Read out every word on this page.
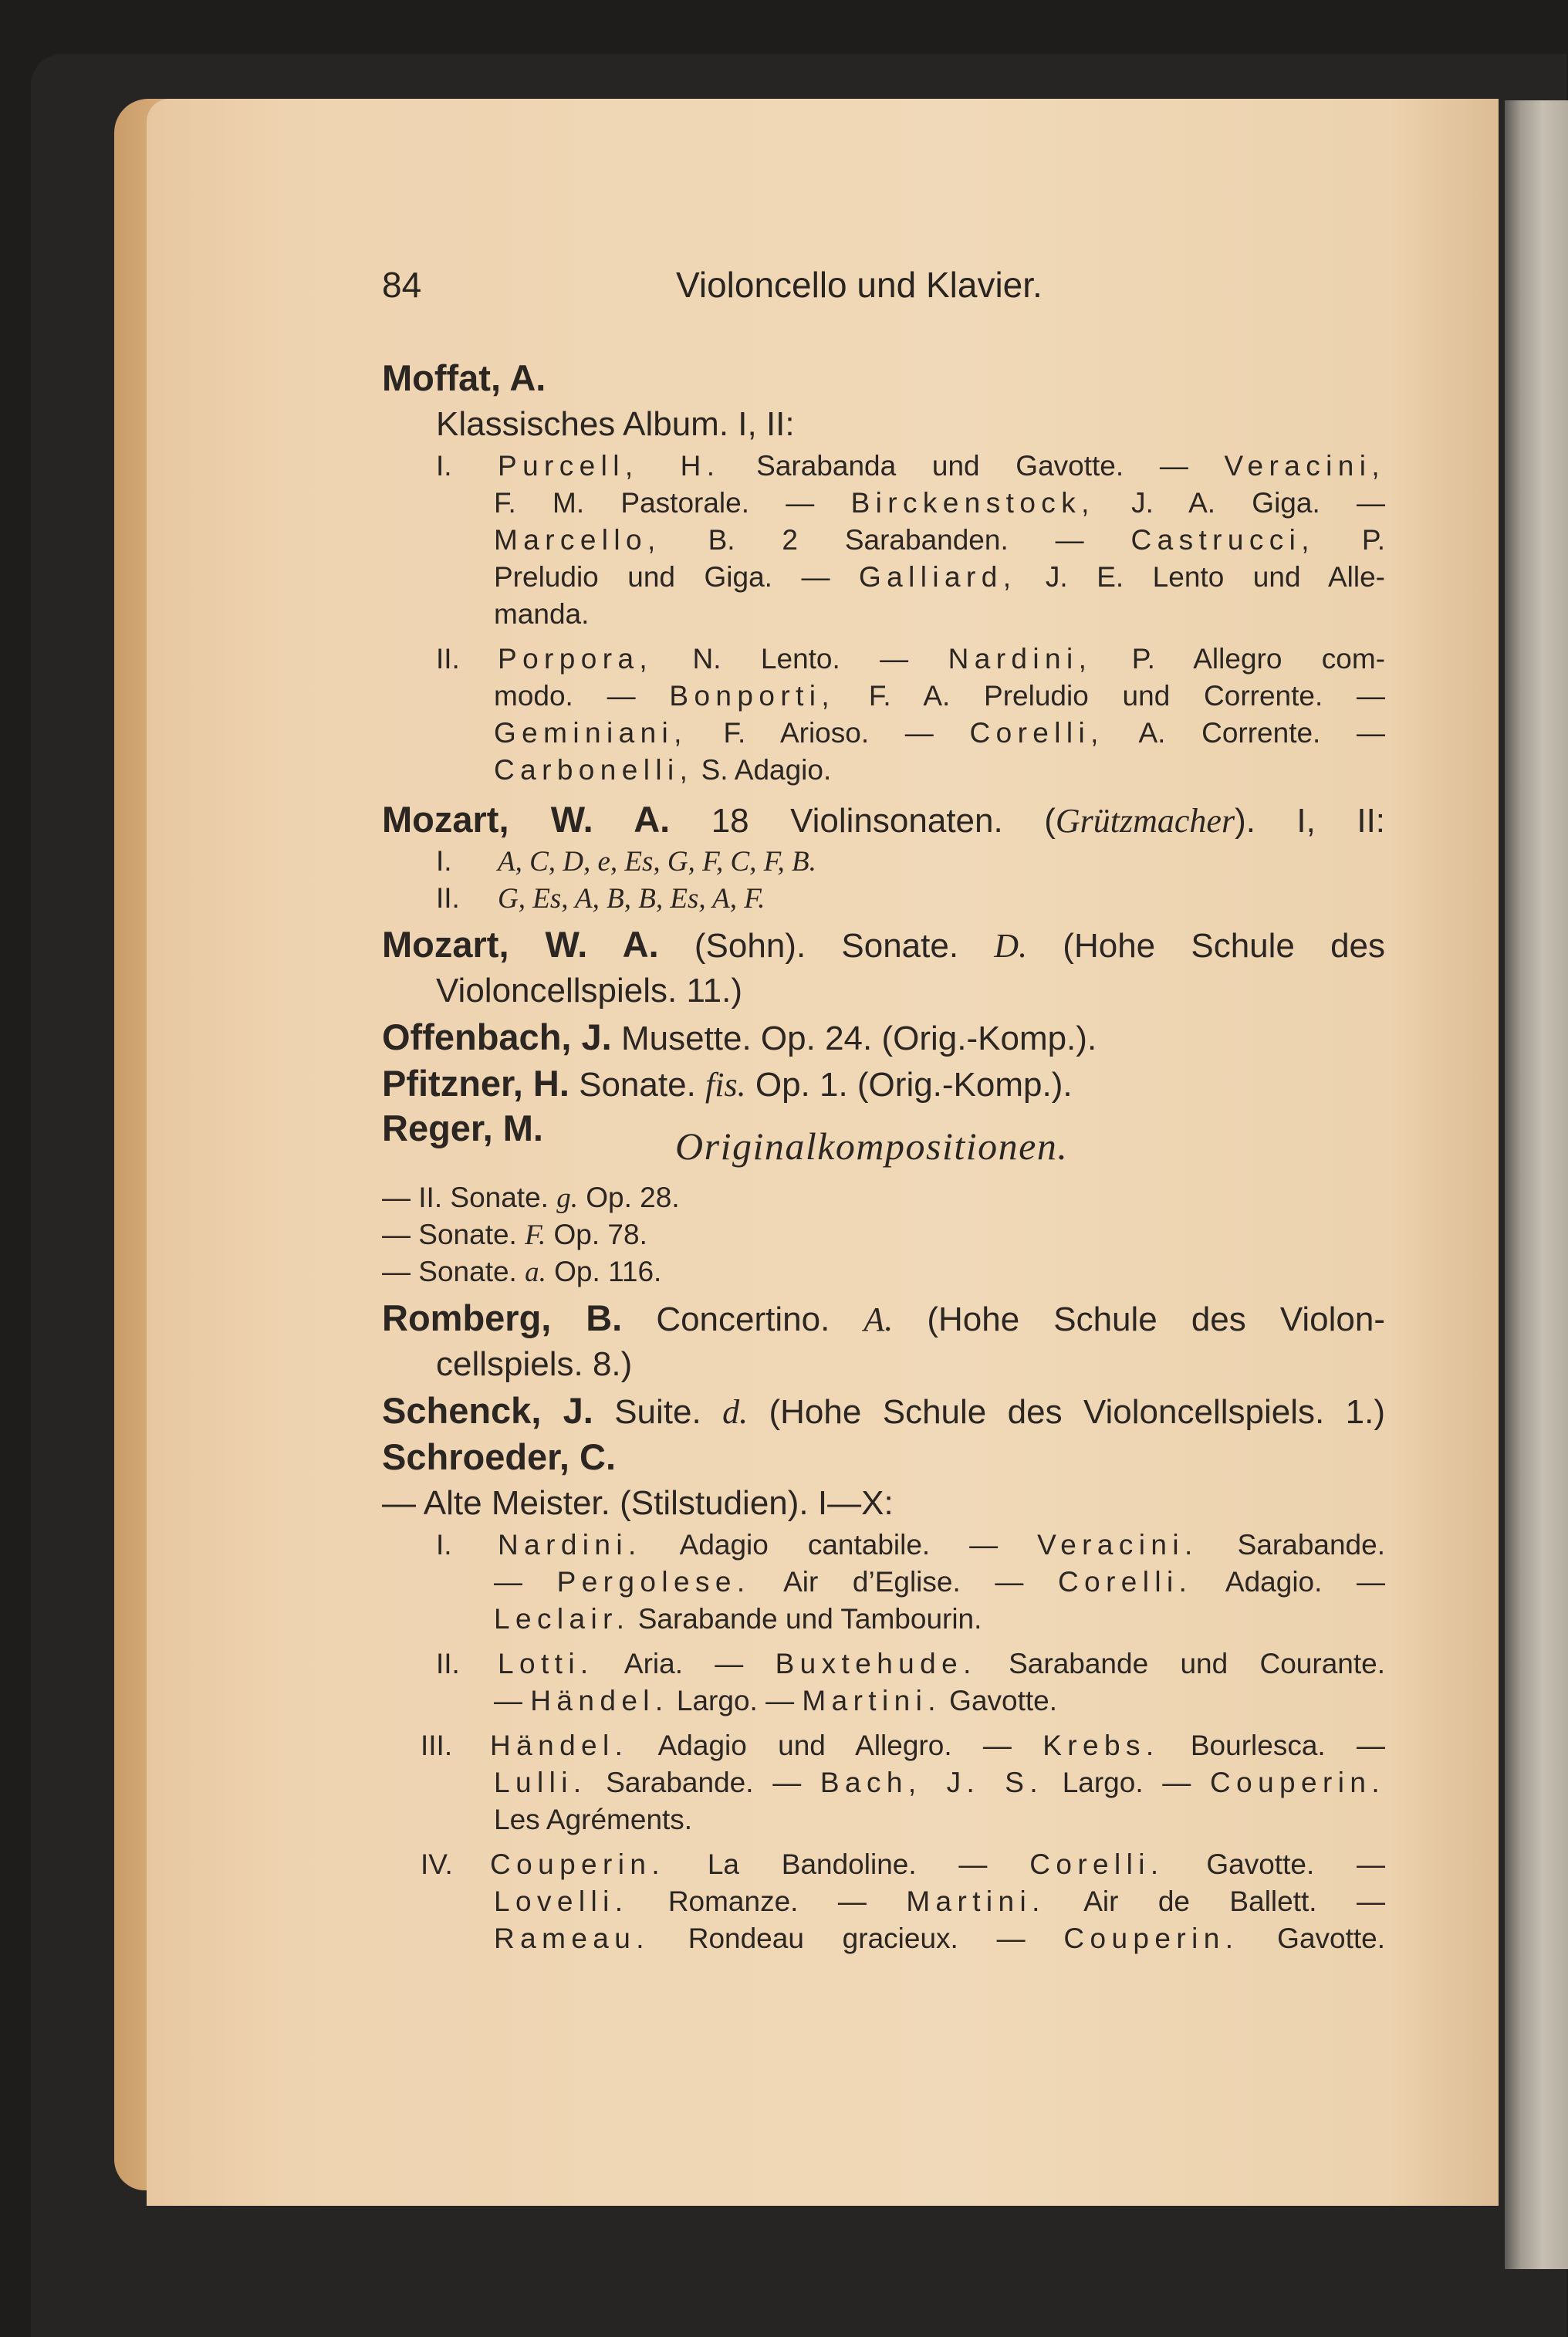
84	Violoncello und Klavier.
Moffat, A.
Klassisches Album. I, II:
I. Purcell, H. Sarabanda und Gavotte. — Veracini,
F. M. Pastorale. — Birckenstock, J. A. Giga. —
Marcello, B. 2 Sarabanden. — Castrucci, P.
Preludio und Giga. — Galliard, J. E. Lento und Alle-
manda.
II. Porpora, N. Lento. — Nardini, P. Allegro com-
modo. — Bonporti, F. A. Preludio und Corrente. —
Geminiani, F. Arioso. — Corelli, A. Corrente. —
Carbonelli, S. Adagio.
Mozart, W. A. 18 Violinsonaten. (Grützmacher). I, II:
I. A, C, D, e, Es, G, F, C, F, B.
II. G, Es, A, B, B, Es, A, F.
Mozart, W. A. (Sohn). Sonate. D. (Hohe Schule des
Violoncellspiels. 11.)
Offenbach, J. Musette. Op. 24. (Orig.-Komp.).
Pfitzner, H. Sonate. fis. Op. 1. (Orig.-Komp.).
Reger, M.	Originalkompositionen.
— II. Sonate. g. Op. 28.
— Sonate. F. Op. 78.
— Sonate. a. Op. 116.
Romberg, B. Concertino. A. (Hohe Schule des Violon-
cellspiels. 8.)
Schenck, J. Suite. d. (Hohe Schule des Violoncellspiels. 1.)
Schroeder, C.
— Alte Meister. (Stilstudien). I—X:
I. Nardini. Adagio cantabile. — Veracini. Sarabande.
— Pergolese. Air d’Eglise. — Corelli. Adagio. —
Leclair. Sarabande und Tambourin.
II. Lotti. Aria. — Buxtehude. Sarabande und Courante.
— Händel. Largo. — Martini. Gavotte.
III. Händel. Adagio und Allegro. — Krebs. Bourlesca. —
Lulli. Sarabande. — Bach, J. S. Largo. — Couperin.
Les Agréments.
IV. Couperin. La Bandoline. — Corelli. Gavotte. —
Lovelli. Romanze. — Martini. Air de Ballett. —
Rameau. Rondeau gracieux. — Couperin. Gavotte.
